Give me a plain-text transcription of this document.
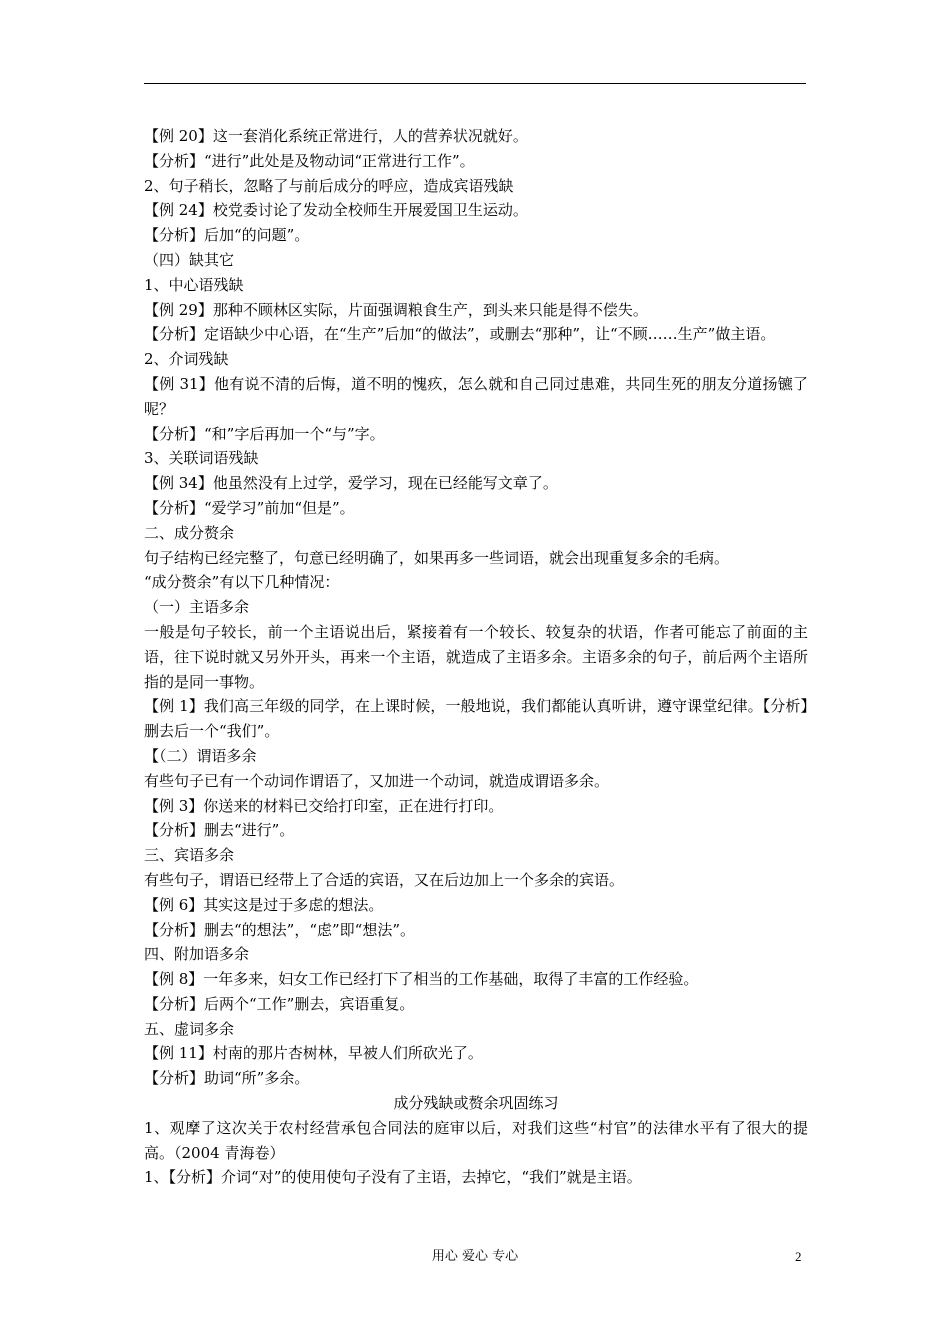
【例 20】这一套消化系统正常进行，人的营养状况就好。
【分析】“进行”此处是及物动词“正常进行工作”。
2、句子稍长，忽略了与前后成分的呼应，造成宾语残缺
【例 24】校党委讨论了发动全校师生开展爱国卫生运动。
【分析】后加“的问题”。
（四）缺其它
1、中心语残缺
【例 29】那种不顾林区实际，片面强调粮食生产，到头来只能是得不偿失。
【分析】定语缺少中心语，在“生产”后加“的做法”，或删去“那种”，让“不顾……生产”做主语。
2、介词残缺
【例 31】他有说不清的后悔，道不明的愧疚，怎么就和自己同过患难，共同生死的朋友分道扬镳了呢？
【分析】“和”字后再加一个“与”字。
3、关联词语残缺
【例 34】他虽然没有上过学，爱学习，现在已经能写文章了。
【分析】“爱学习”前加“但是”。
二、成分赘余
句子结构已经完整了，句意已经明确了，如果再多一些词语，就会出现重复多余的毛病。
“成分赘余”有以下几种情况：
（一）主语多余
一般是句子较长，前一个主语说出后，紧接着有一个较长、较复杂的状语，作者可能忘了前面的主语，往下说时就又另外开头，再来一个主语，就造成了主语多余。主语多余的句子，前后两个主语所指的是同一事物。
【例 1】我们高三年级的同学，在上课时候，一般地说，我们都能认真听讲，遵守课堂纪律。【分析】删去后一个“我们”。
【（二）谓语多余
有些句子已有一个动词作谓语了，又加进一个动词，就造成谓语多余。
【例 3】你送来的材料已交给打印室，正在进行打印。
【分析】删去“进行”。
三、宾语多余
有些句子，谓语已经带上了合适的宾语，又在后边加上一个多余的宾语。
【例 6】其实这是过于多虑的想法。
【分析】删去“的想法”，“虑”即“想法”。
四、附加语多余
【例 8】一年多来，妇女工作已经打下了相当的工作基础，取得了丰富的工作经验。
【分析】后两个“工作”删去，宾语重复。
五、虚词多余
【例 11】村南的那片杏树林，早被人们所砍光了。
【分析】助词“所”多余。
成分残缺或赘余巩固练习
1、观摩了这次关于农村经营承包合同法的庭审以后，对我们这些“村官”的法律水平有了很大的提高。（2004 青海卷）
1、【分析】介词“对”的使用使句子没有了主语，去掉它，“我们”就是主语。
用心 爱心 专心	2
